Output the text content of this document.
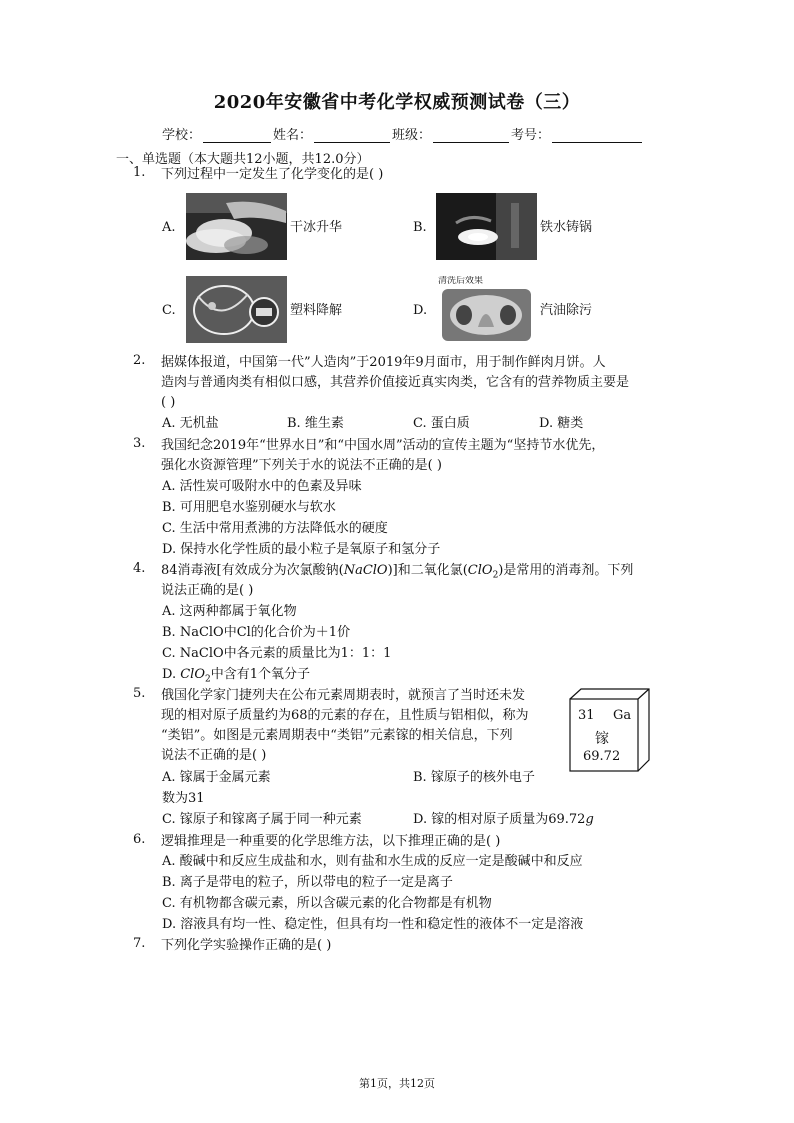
2020年安徽省中考化学权威预测试卷（三）
学校：	姓名：	班级：	考号：
一、单选题（本大题共12小题，共12.0分）
1. 下列过程中一定发生了化学变化的是( )
A.	干冰升华	B.	铁水铸锅
C.	塑料降解	D.
清洗后效果
汽油除污
2. 据媒体报道，中国第一代”人造肉”于2019年9月面市，用于制作鲜肉月饼。人
造肉与普通肉类有相似口感，其营养价值接近真实肉类，它含有的营养物质主要是
( )
A. 无机盐	B. 维生素	C. 蛋白质	D. 糖类
3. 我国纪念2019年“世界水日”和“中国水周”活动的宣传主题为“坚持节水优先，
强化水资源管理”下列关于水的说法不正确的是( )
A. 活性炭可吸附水中的色素及异味
B. 可用肥皂水鉴别硬水与软水
C. 生活中常用煮沸的方法降低水的硬度
D. 保持水化学性质的最小粒子是氧原子和氢分子
4. 84消毒液[有效成分为次氯酸钠(NaClO)]和二氧化氯(ClO$_2$)是常用的消毒剂。下列
说法正确的是( )
A. 这两种都属于氧化物
B. NaClO中Cl的化合价为＋1价
C. NaClO中各元素的质量比为1：1：1
D. ClO$_2$中含有1个氧分子
5. 俄国化学家门捷列夫在公布元素周期表时，就预言了当时还未发
现的相对原子质量约为68的元素的存在，且性质与铝相似，称为
“类铝”。如图是元素周期表中“类铝”元素镓的相关信息，下列
说法不正确的是( )
31 Ga
镓
69.72
A. 镓属于金属元素	B. 镓原子的核外电子
数为31
C. 镓原子和镓离子属于同一种元素	D. 镓的相对原子质量为69.72g
6. 逻辑推理是一种重要的化学思维方法，以下推理正确的是( )
A. 酸碱中和反应生成盐和水，则有盐和水生成的反应一定是酸碱中和反应
B. 离子是带电的粒子，所以带电的粒子一定是离子
C. 有机物都含碳元素，所以含碳元素的化合物都是有机物
D. 溶液具有均一性、稳定性，但具有均一性和稳定性的液体不一定是溶液
7. 下列化学实验操作正确的是( )
第1页，共12页
